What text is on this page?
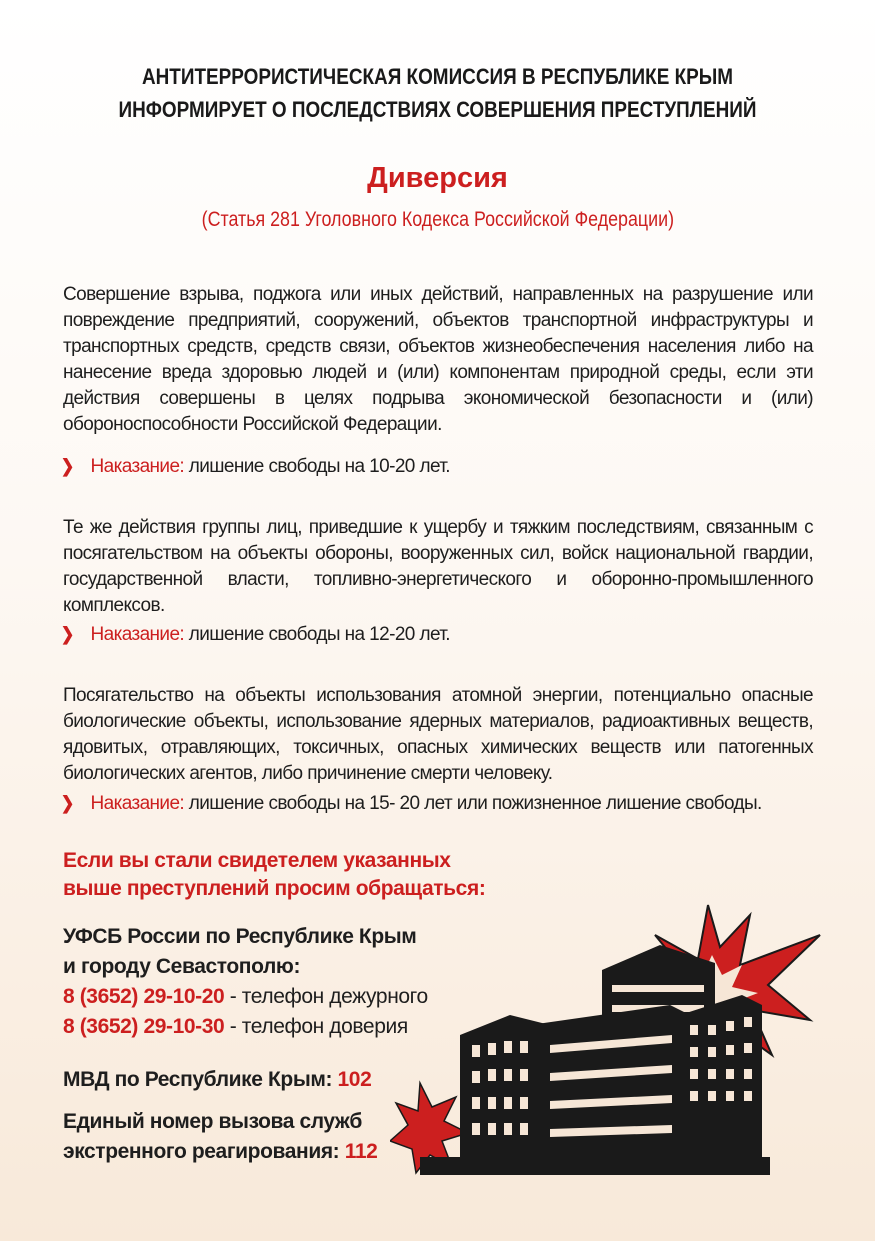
АНТИТЕРРОРИСТИЧЕСКАЯ КОМИССИЯ В РЕСПУБЛИКЕ КРЫМ
ИНФОРМИРУЕТ О ПОСЛЕДСТВИЯХ СОВЕРШЕНИЯ ПРЕСТУПЛЕНИЙ
Диверсия
(Статья 281 Уголовного Кодекса Российской Федерации)
Совершение взрыва, поджога или иных действий, направленных на разрушение или повреждение предприятий, сооружений, объектов транспортной инфраструктуры и транспортных средств, средств связи, объектов жизнеобеспечения населения либо на нанесение вреда здоровью людей и (или) компонентам природной среды, если эти действия совершены в целях подрыва экономической безопасности и (или) обороноспособности Российской Федерации.
❯ Наказание: лишение свободы на 10-20 лет.
Те же действия группы лиц, приведшие к ущербу и тяжким последствиям, связанным с посягательством на объекты обороны, вооруженных сил, войск национальной гвардии, государственной власти, топливно-энергетического и оборонно-промышленного комплексов.
❯ Наказание: лишение свободы на 12-20 лет.
Посягательство на объекты использования атомной энергии, потенциально опасные биологические объекты, использование ядерных материалов, радиоактивных веществ, ядовитых, отравляющих, токсичных, опасных химических веществ или патогенных биологических агентов, либо причинение смерти человеку.
❯ Наказание: лишение свободы на 15- 20 лет или пожизненное лишение свободы.
Если вы стали свидетелем указанных
выше преступлений просим обращаться:
УФСБ России по Республике Крым
и городу Севастополю:
8 (3652) 29-10-20 - телефон дежурного
8 (3652) 29-10-30 - телефон доверия
МВД по Республике Крым: 102
Единый номер вызова служб
экстренного реагирования: 112
